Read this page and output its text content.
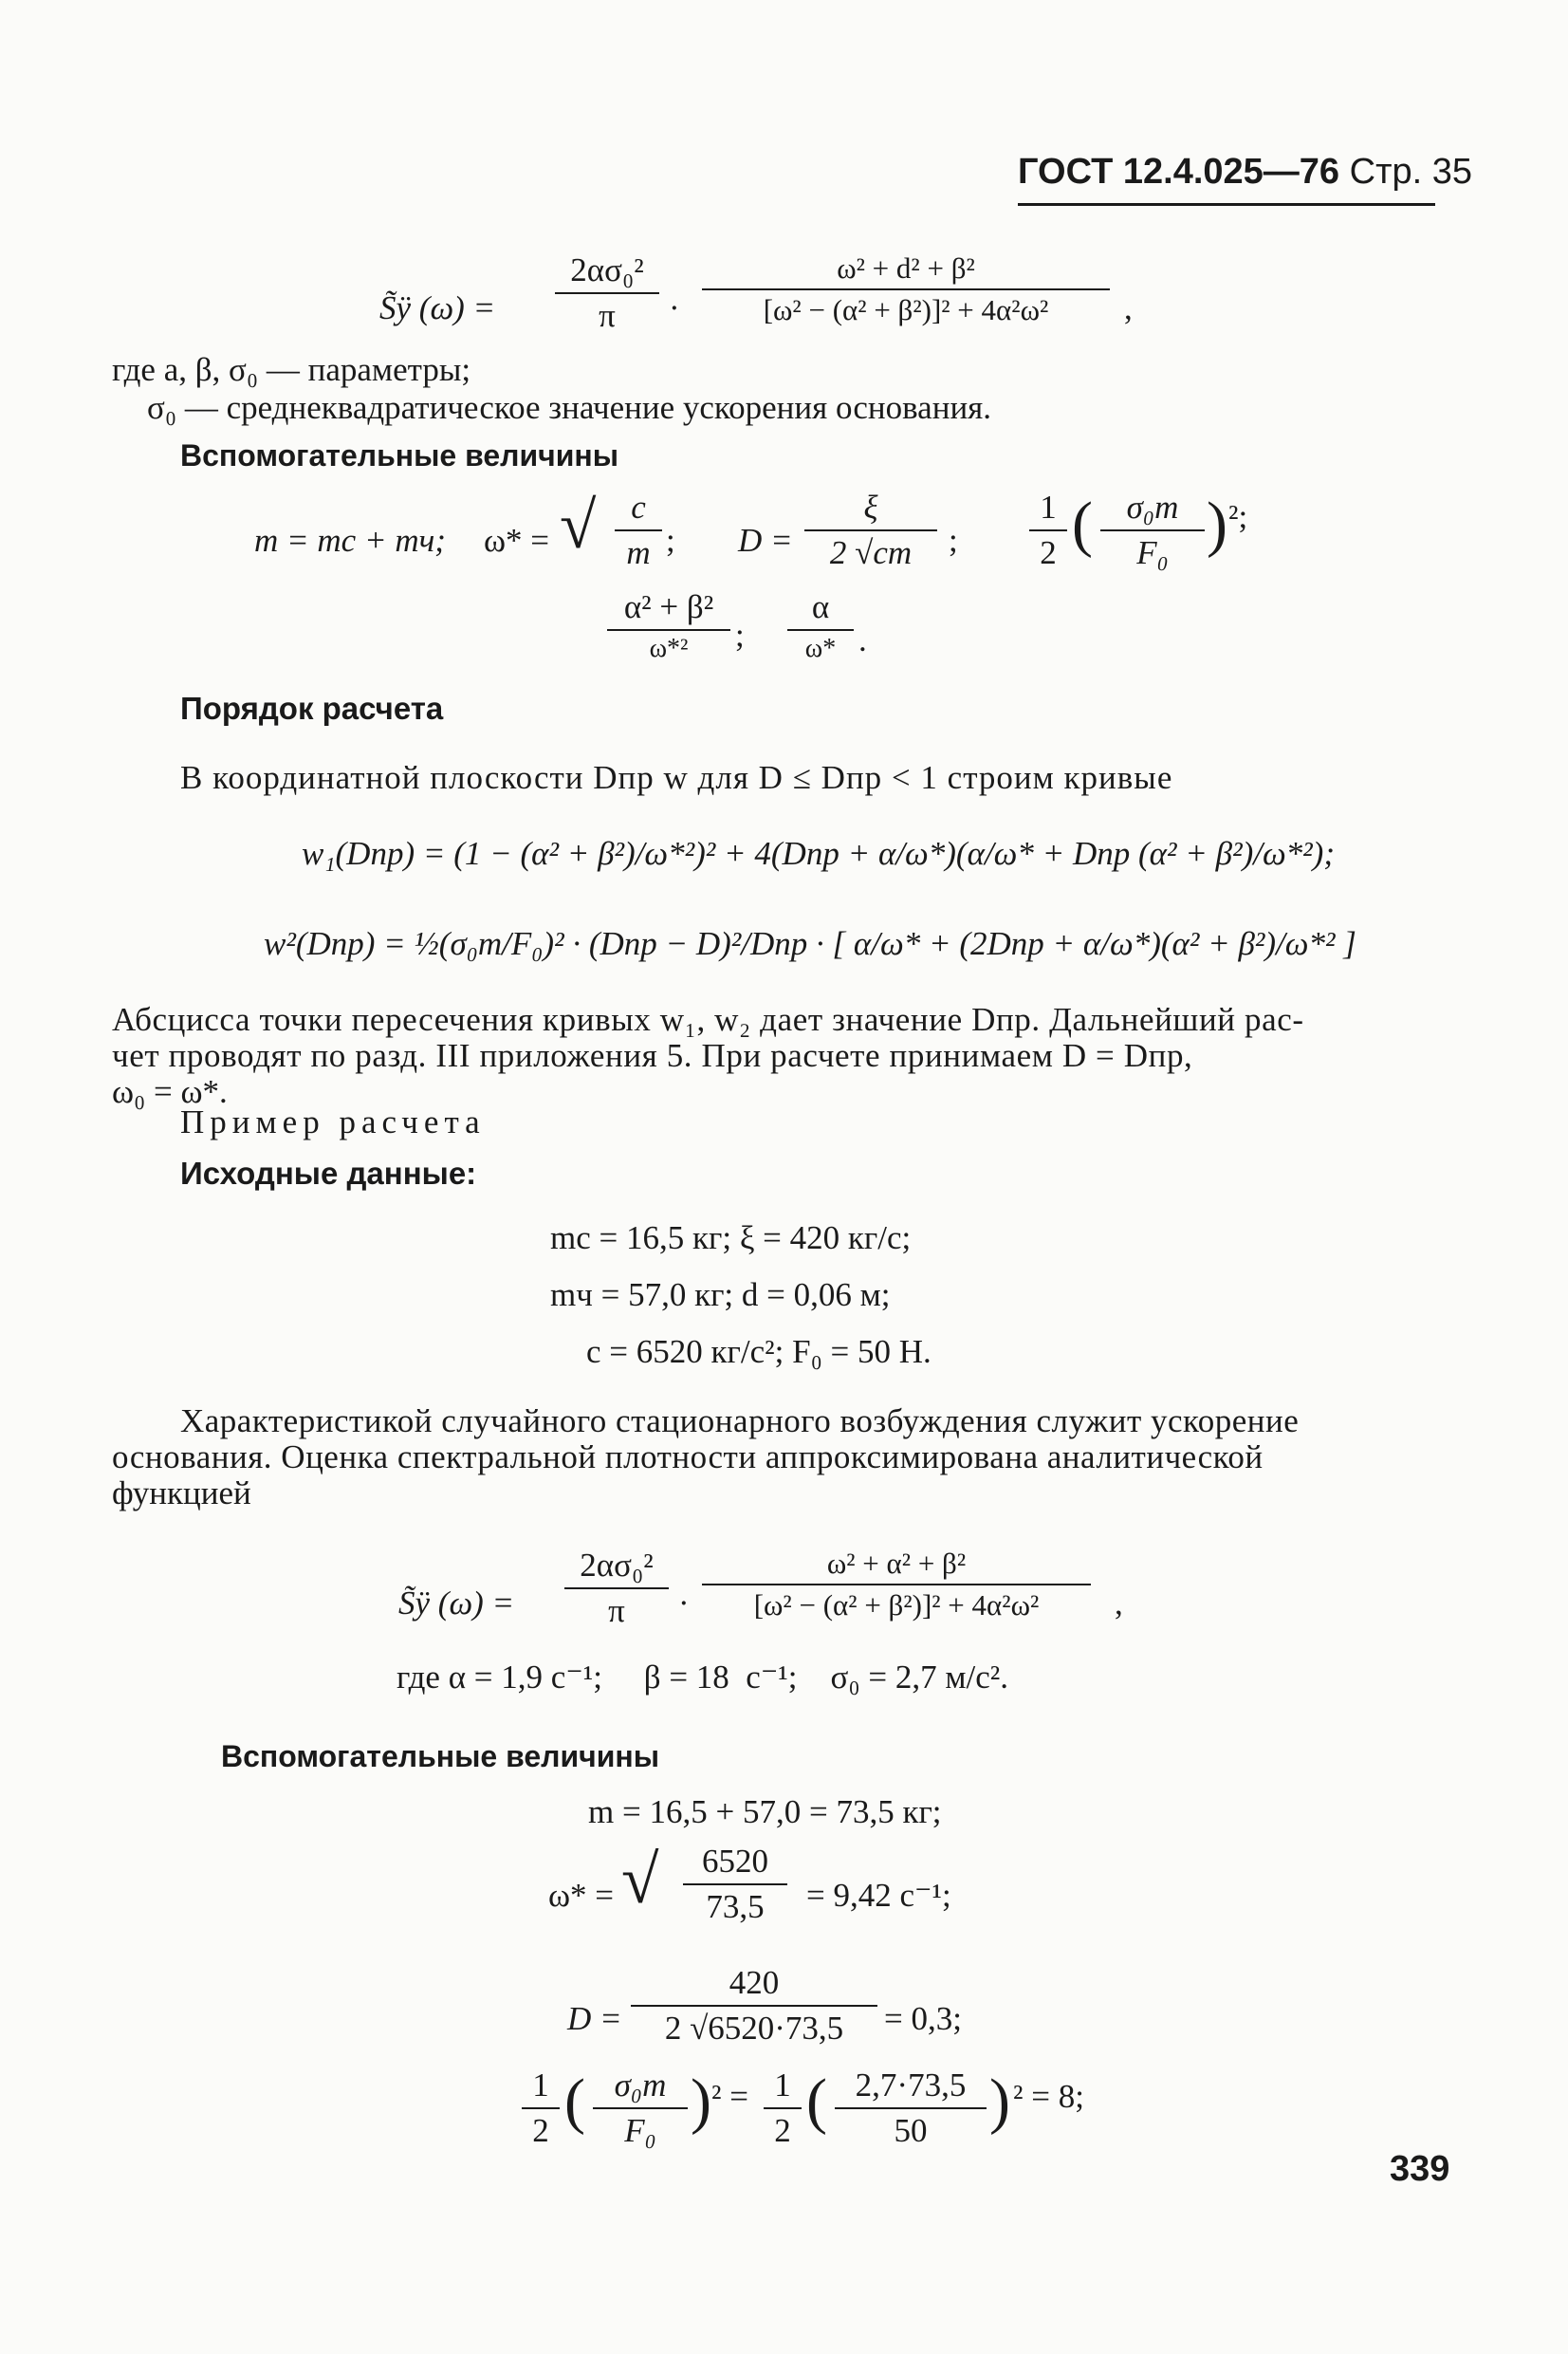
ГОСТ 12.4.025—76 Стр. 35
S̃ÿ (ω) =
2ασ₀²
π	·
ω² + d² + β²
[ω² − (α² + β²)]² + 4α²ω²	,
где a, β, σ₀ — параметры;
σ₀ — среднеквадратическое значение ускорения основания.
Вспомогательные величины
m = mс + mч; ω* = √	c
m ; D =
ξ
2 √cm	;
1
2 (	σ₀m
F₀ ) ²;
α² + β²
ω*²	;
α
ω* .
Порядок расчета
В координатной плоскости Dпр w для D ≤ Dпр < 1 строим кривые
w₁(Dпр) = (1 − (α² + β²)/ω*²)² + 4(Dпр + α/ω*)(α/ω* + Dпр (α² + β²)/ω*²);
w²(Dпр) = ½(σ₀m/F₀)² · (Dпр − D)²/Dпр · [ α/ω* + (2Dпр + α/ω*)(α² + β²)/ω*² ]
Абсцисса точки пересечения кривых w₁, w₂ дает значение Dпр. Дальнейший рас-
чет проводят по разд. III приложения 5. При расчете принимаем D = Dпр,
ω₀ = ω*.
Пример расчета
Исходные данные:
mс = 16,5 кг; ξ = 420 кг/с;
mч = 57,0 кг; d = 0,06 м;
c = 6520 кг/с²; F₀ = 50 Н.
Характеристикой случайного стационарного возбуждения служит ускорение
основания. Оценка спектральной плотности аппроксимирована аналитической
функцией
S̃ÿ (ω) =
2ασ₀²
π	·
ω² + α² + β²
[ω² − (α² + β²)]² + 4α²ω²	,
где α = 1,9 с⁻¹;     β = 18  с⁻¹;    σ₀ = 2,7 м/с².
Вспомогательные величины
m = 16,5 + 57,0 = 73,5 кг;
ω* = √	6520
73,5	= 9,42 с⁻¹;
D =
420
2 √6520·73,5	= 0,3;
1
2 ( σ₀m
F₀ ) ² = 1
2 ( 2,7·73,5
50 ) ² = 8;
339
